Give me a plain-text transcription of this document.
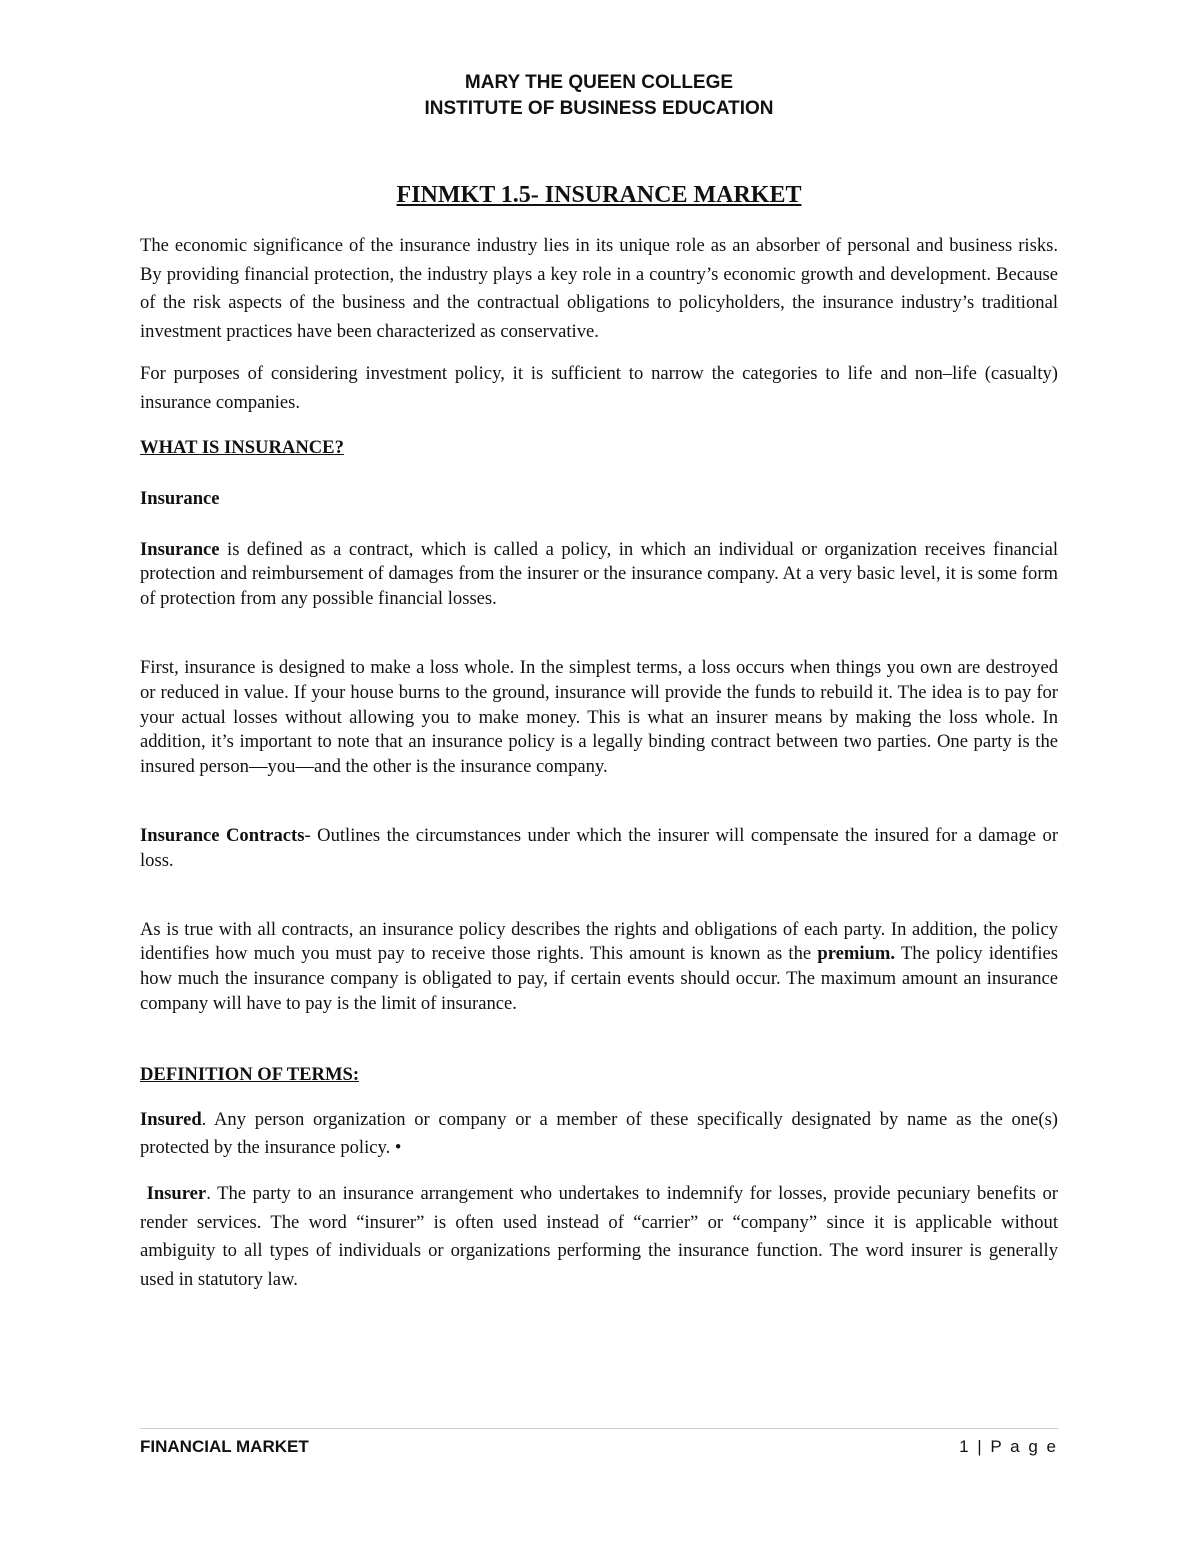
MARY THE QUEEN COLLEGE
INSTITUTE OF BUSINESS EDUCATION
FINMKT 1.5- INSURANCE MARKET

The economic significance of the insurance industry lies in its unique role as an absorber of personal and business risks. By providing financial protection, the industry plays a key role in a country’s economic growth and development. Because of the risk aspects of the business and the contractual obligations to policyholders, the insurance industry’s traditional investment practices have been characterized as conservative.

For purposes of considering investment policy, it is sufficient to narrow the categories to life and non–life (casualty) insurance companies.

WHAT IS INSURANCE?
Insurance

Insurance is defined as a contract, which is called a policy, in which an individual or organization receives financial protection and reimbursement of damages from the insurer or the insurance company. At a very basic level, it is some form of protection from any possible financial losses.

First, insurance is designed to make a loss whole. In the simplest terms, a loss occurs when things you own are destroyed or reduced in value. If your house burns to the ground, insurance will provide the funds to rebuild it. The idea is to pay for your actual losses without allowing you to make money. This is what an insurer means by making the loss whole. In addition, it’s important to note that an insurance policy is a legally binding contract between two parties. One party is the insured person—you—and the other is the insurance company.

Insurance Contracts- Outlines the circumstances under which the insurer will compensate the insured for a damage or loss.

As is true with all contracts, an insurance policy describes the rights and obligations of each party. In addition, the policy identifies how much you must pay to receive those rights. This amount is known as the premium. The policy identifies how much the insurance company is obligated to pay, if certain events should occur. The maximum amount an insurance company will have to pay is the limit of insurance.

DEFINITION OF TERMS:

Insured. Any person organization or company or a member of these specifically designated by name as the one(s) protected by the insurance policy. •

Insurer. The party to an insurance arrangement who undertakes to indemnify for losses, provide pecuniary benefits or render services. The word “insurer” is often used instead of “carrier” or “company” since it is applicable without ambiguity to all types of individuals or organizations performing the insurance function. The word insurer is generally used in statutory law.

FINANCIAL MARKET	1 | P a g e
